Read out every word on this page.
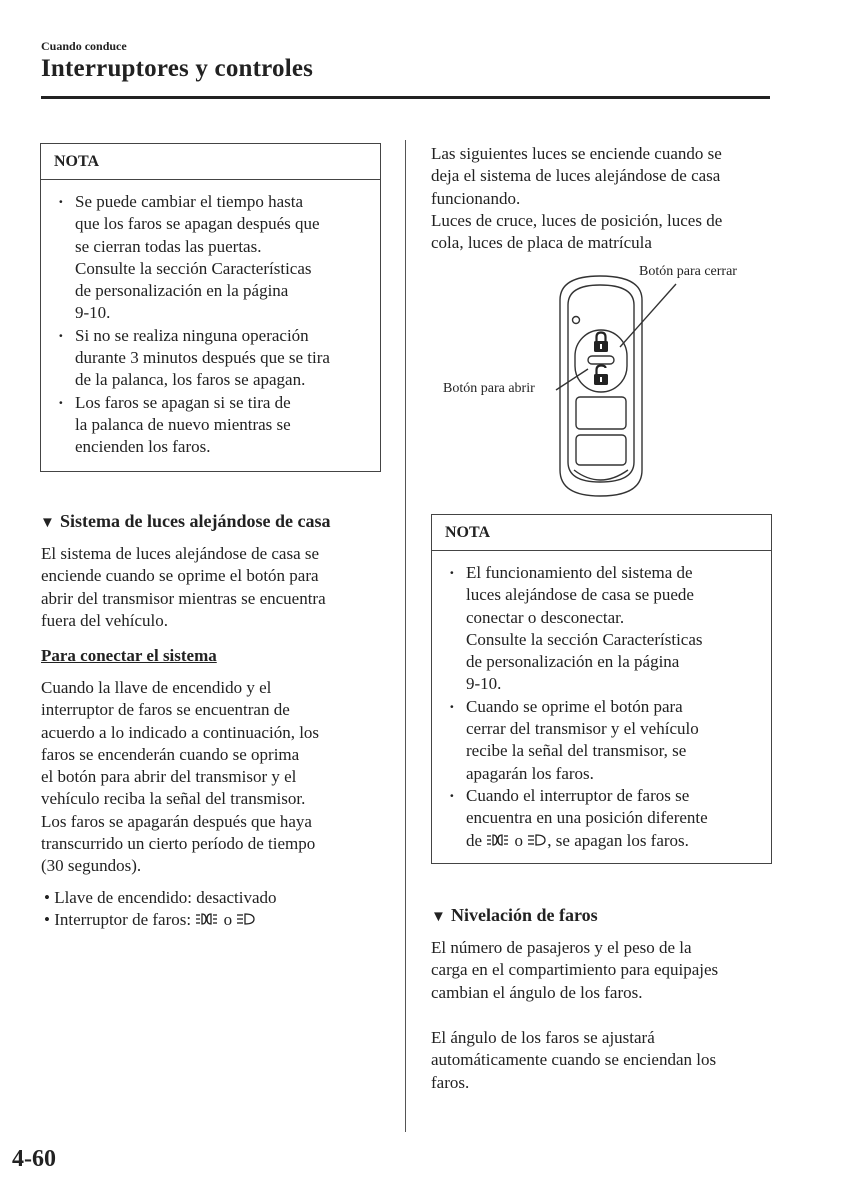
Cuando conduce
Interruptores y controles
NOTA
· Se puede cambiar el tiempo hasta
que los faros se apagan después que
se cierran todas las puertas.
Consulte la sección Características
de personalización en la página
9-10.
· Si no se realiza ninguna operación
durante 3 minutos después que se tira
de la palanca, los faros se apagan.
· Los faros se apagan si se tira de
la palanca de nuevo mientras se
encienden los faros.
▼ Sistema de luces alejándose de casa

El sistema de luces alejándose de casa se
enciende cuando se oprime el botón para
abrir del transmisor mientras se encuentra
fuera del vehículo.

Para conectar el sistema

Cuando la llave de encendido y el
interruptor de faros se encuentran de
acuerdo a lo indicado a continuación, los
faros se encenderán cuando se oprima
el botón para abrir del transmisor y el
vehículo reciba la señal del transmisor.
Los faros se apagarán después que haya
transcurrido un cierto período de tiempo
(30 segundos).

• Llave de encendido: desactivado
• Interruptor de faros: o

Las siguientes luces se enciende cuando se
deja el sistema de luces alejándose de casa
funcionando.
Luces de cruce, luces de posición, luces de
cola, luces de placa de matrícula

Botón para cerrar
Botón para abrir
NOTA
· El funcionamiento del sistema de
luces alejándose de casa se puede
conectar o desconectar.
Consulte la sección Características
de personalización en la página
9-10.
· Cuando se oprime el botón para
cerrar del transmisor y el vehículo
recibe la señal del transmisor, se
apagarán los faros.
· Cuando el interruptor de faros se
encuentra en una posición diferente
de o , se apagan los faros.
▼ Nivelación de faros

El número de pasajeros y el peso de la
carga en el compartimiento para equipajes
cambian el ángulo de los faros.

El ángulo de los faros se ajustará
automáticamente cuando se enciendan los
faros.

4-60
